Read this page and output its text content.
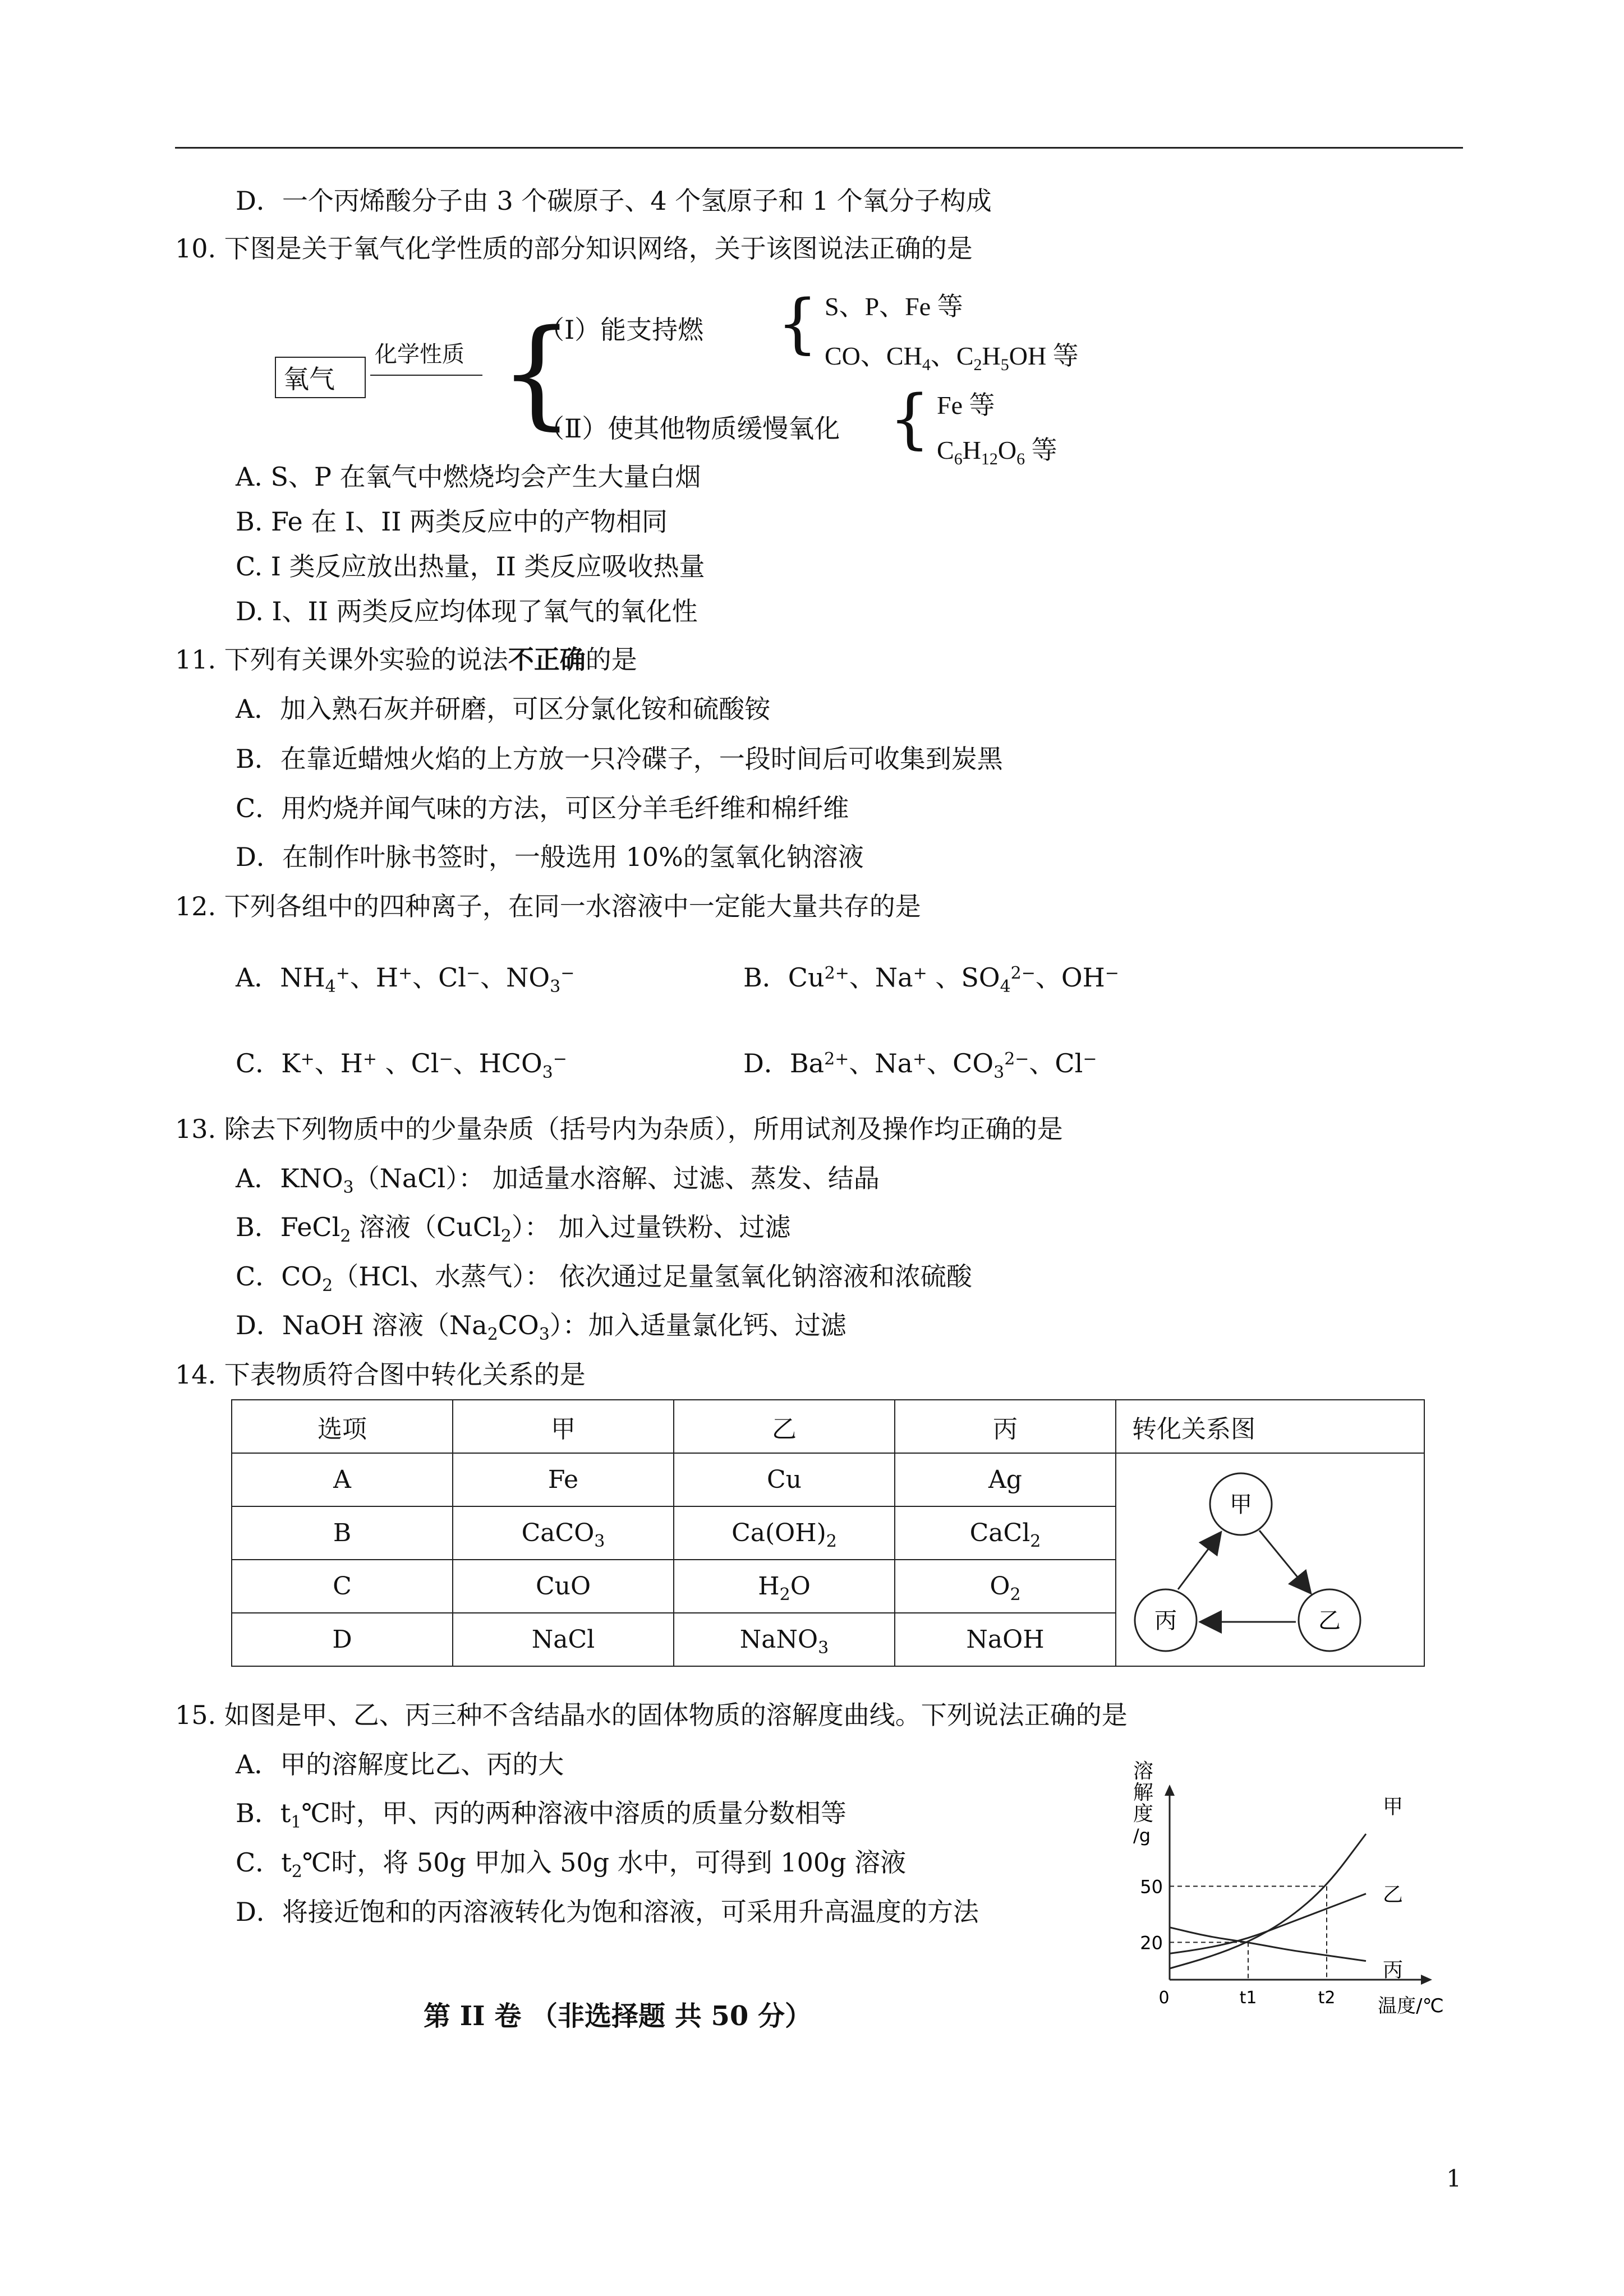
D．一个丙烯酸分子由 3 个碳原子、4 个氢原子和 1 个氧分子构成
10. 下图是关于氧气化学性质的部分知识网络，关于该图说法正确的是
氧气
化学性质 {
（Ⅰ）能支持燃 { S、P、Fe 等
CO、$CH_4$、$C_2H_5OH$ 等
（Ⅱ）使其他物质缓慢氧化 { Fe 等
$C_6H_{12}O_6$ 等
A. S、P 在氧气中燃烧均会产生大量白烟
B. Fe 在 I、II 两类反应中的产物相同
C. I 类反应放出热量，II 类反应吸收热量
D. I、II 两类反应均体现了氧气的氧化性
11. 下列有关课外实验的说法不正确的是
A．加入熟石灰并研磨，可区分氯化铵和硫酸铵
B．在靠近蜡烛火焰的上方放一只冷碟子，一段时间后可收集到炭黑
C．用灼烧并闻气味的方法，可区分羊毛纤维和棉纤维
D．在制作叶脉书签时，一般选用 10%的氢氧化钠溶液
12. 下列各组中的四种离子，在同一水溶液中一定能大量共存的是
A．$NH_4^+$、H+、Cl−、$NO_3^-$	B．$Cu^{2+}$、Na+ 、$SO_4^{2-}$、OH−
C．K+、H+ 、Cl−、$HCO_3^-$	D．$Ba^{2+}$、Na+、$CO_3^{2-}$、Cl−
13. 除去下列物质中的少量杂质（括号内为杂质），所用试剂及操作均正确的是
A．$KNO_3(NaCl)$： 加适量水溶解、过滤、蒸发、结晶
B．FeCl$_2$ 溶液（CuCl$_2$）： 加入过量铁粉、过滤
C．$CO_2(HCl$、水蒸气）： 依次通过足量氢氧化钠溶液和浓硫酸
D．NaOH 溶液$(Na_2CO_3)$：加入适量氯化钙、过滤
14. 下表物质符合图中转化关系的是
选项	甲	乙	丙	转化关系图
A	Fe	Cu	Ag	甲
丙 乙

B	CaCO$_3$	$Ca(OH)_2$	CaCl$_2$
C	CuO	$H_2O$	$O_2$
D	NaCl	NaNO$_3$	NaOH	
15. 如图是甲、乙、丙三种不含结晶水的固体物质的溶解度曲线。下列说法正确的是
A．甲的溶解度比乙、丙的大
B．$t_1℃$时，甲、丙的两种溶液中溶质的质量分数相等
C．$t_2℃$时，将 50g 甲加入 50g 水中，可得到 100g 溶液
D．将接近饱和的丙溶液转化为饱和溶液，可采用升高温度的方法
溶
解
度
/g
50
20
0	t1	t2 温度/℃
甲
乙
丙
第 II 卷 （非选择题 共 50 分）
1
